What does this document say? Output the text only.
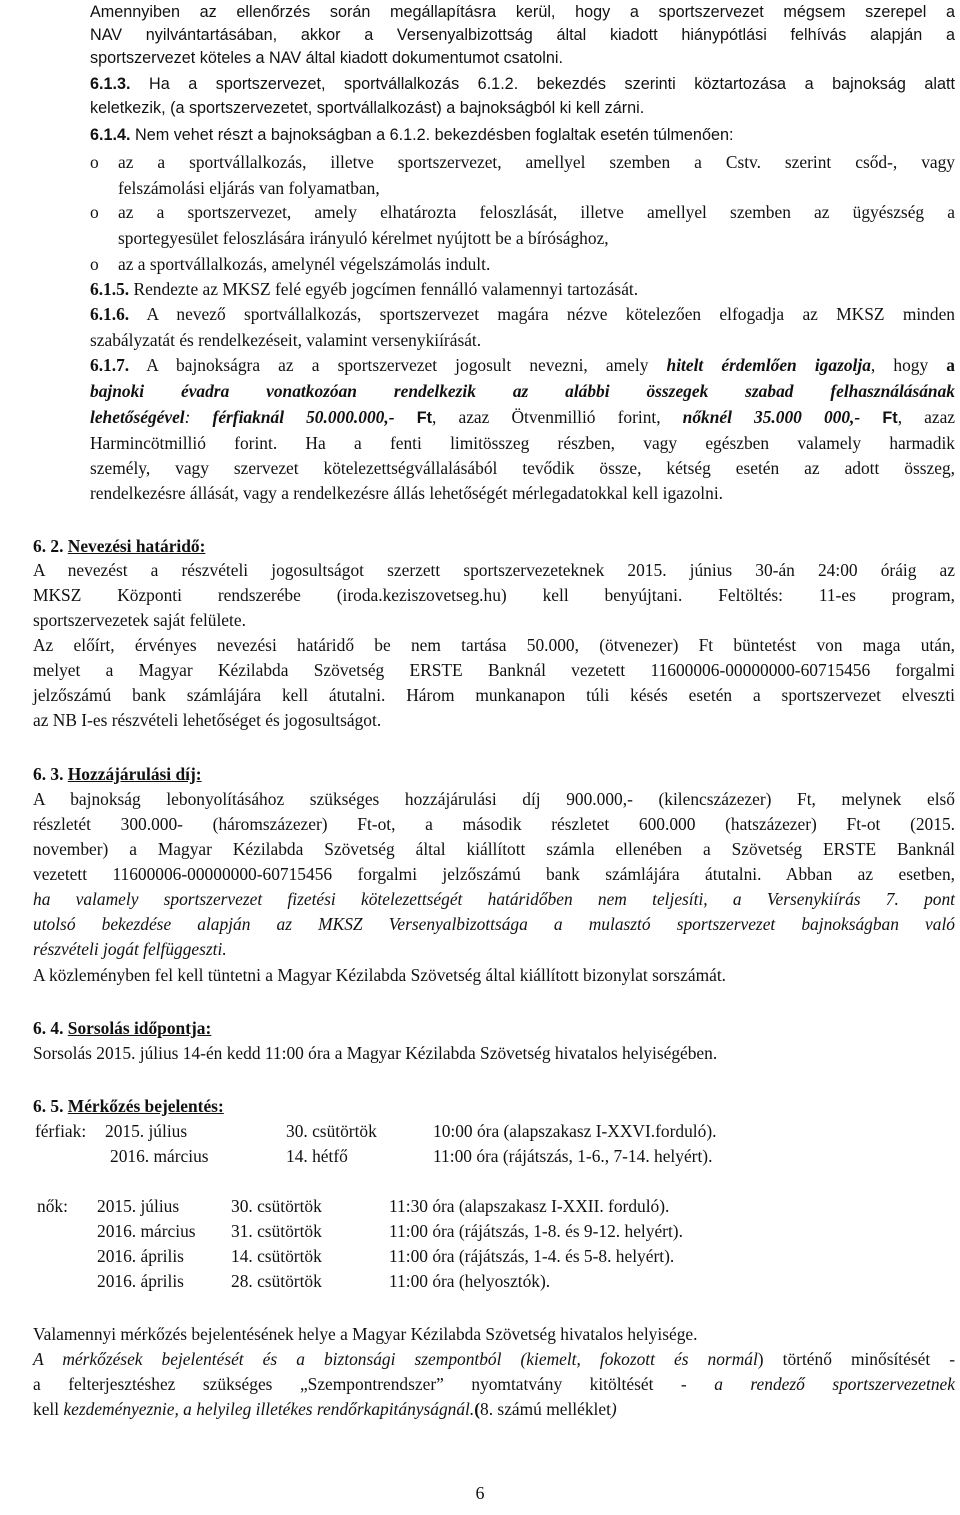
Amennyiben az ellenőrzés során megállapításra kerül, hogy a sportszervezet mégsem szerepel a
NAV nyilvántartásában, akkor a Versenyalbizottság által kiadott hiánypótlási felhívás alapján a
sportszervezet köteles a NAV által kiadott dokumentumot csatolni.
6.1.3. Ha a sportszervezet, sportvállalkozás 6.1.2. bekezdés szerinti köztartozása a bajnokság alatt
keletkezik, (a sportszervezetet, sportvállalkozást) a bajnokságból ki kell zárni.
6.1.4. Nem vehet részt a bajnokságban a 6.1.2. bekezdésben foglaltak esetén túlmenően:
o az a sportvállalkozás, illetve sportszervezet, amellyel szemben a Cstv. szerint csőd-, vagy
felszámolási eljárás van folyamatban,
o az a sportszervezet, amely elhatározta feloszlását, illetve amellyel szemben az ügyészség a
sportegyesület feloszlására irányuló kérelmet nyújtott be a bírósághoz,
o az a sportvállalkozás, amelynél végelszámolás indult.
6.1.5. Rendezte az MKSZ felé egyéb jogcímen fennálló valamennyi tartozását.
6.1.6. A nevező sportvállalkozás, sportszervezet magára nézve kötelezően elfogadja az MKSZ minden
szabályzatát és rendelkezéseit, valamint versenykiírását.
6.1.7. A bajnokságra az a sportszervezet jogosult nevezni, amely hitelt érdemlően igazolja, hogy a
bajnoki évadra vonatkozóan rendelkezik az alábbi összegek szabad felhasználásának
lehetőségével: férfiaknál 50.000.000,- Ft, azaz Ötvenmillió forint, nőknél 35.000 000,- Ft, azaz
Harmincötmillió forint. Ha a fenti limitösszeg részben, vagy egészben valamely harmadik
személy, vagy szervezet kötelezettségvállalásából tevődik össze, kétség esetén az adott összeg,
rendelkezésre állását, vagy a rendelkezésre állás lehetőségét mérlegadatokkal kell igazolni.
6. 2. Nevezési határidő:
A nevezést a részvételi jogosultságot szerzett sportszervezeteknek 2015. június 30-án 24:00 óráig az
MKSZ Központi rendszerébe (iroda.keziszovetseg.hu) kell benyújtani. Feltöltés: 11-es program,
sportszervezetek saját felülete.
Az előírt, érvényes nevezési határidő be nem tartása 50.000, (ötvenezer) Ft büntetést von maga után,
melyet a Magyar Kézilabda Szövetség ERSTE Banknál vezetett 11600006-00000000-60715456 forgalmi
jelzőszámú bank számlájára kell átutalni. Három munkanapon túli késés esetén a sportszervezet elveszti
az NB I-es részvételi lehetőséget és jogosultságot.
6. 3. Hozzájárulási díj:
A bajnokság lebonyolításához szükséges hozzájárulási díj 900.000,- (kilencszázezer) Ft, melynek első
részletét 300.000- (háromszázezer) Ft-ot, a második részletet 600.000 (hatszázezer) Ft-ot (2015.
november) a Magyar Kézilabda Szövetség által kiállított számla ellenében a Szövetség ERSTE Banknál
vezetett 11600006-00000000-60715456 forgalmi jelzőszámú bank számlájára átutalni. Abban az esetben,
ha valamely sportszervezet fizetési kötelezettségét határidőben nem teljesíti, a Versenykiírás 7. pont
utolsó bekezdése alapján az MKSZ Versenyalbizottsága a mulasztó sportszervezet bajnokságban való
részvételi jogát felfüggeszti.
A közleményben fel kell tüntetni a Magyar Kézilabda Szövetség által kiállított bizonylat sorszámát.
6. 4. Sorsolás időpontja:
Sorsolás 2015. július 14-én kedd 11:00 óra a Magyar Kézilabda Szövetség hivatalos helyiségében.
6. 5. Mérkőzés bejelentés:
férfiak: 2015. július	30. csütörtök	10:00 óra (alapszakasz I-XXVI.forduló).
2016. március	14. hétfő	11:00 óra (rájátszás, 1-6., 7-14. helyért).
nők: 2015. július	30. csütörtök	11:30 óra (alapszakasz I-XXII. forduló).
2016. március 31. csütörtök	11:00 óra (rájátszás, 1-8. és 9-12. helyért).
2016. április	14. csütörtök	11:00 óra (rájátszás, 1-4. és 5-8. helyért).
2016. április	28. csütörtök	11:00 óra (helyosztók).
Valamennyi mérkőzés bejelentésének helye a Magyar Kézilabda Szövetség hivatalos helyisége.
A mérkőzések bejelentését és a biztonsági szempontból (kiemelt, fokozott és normál) történő minősítését -
a felterjesztéshez szükséges „Szempontrendszer” nyomtatvány kitöltését - a rendező sportszervezetnek
kell kezdeményeznie, a helyileg illetékes rendőrkapitányságnál.(8. számú melléklet)
6
